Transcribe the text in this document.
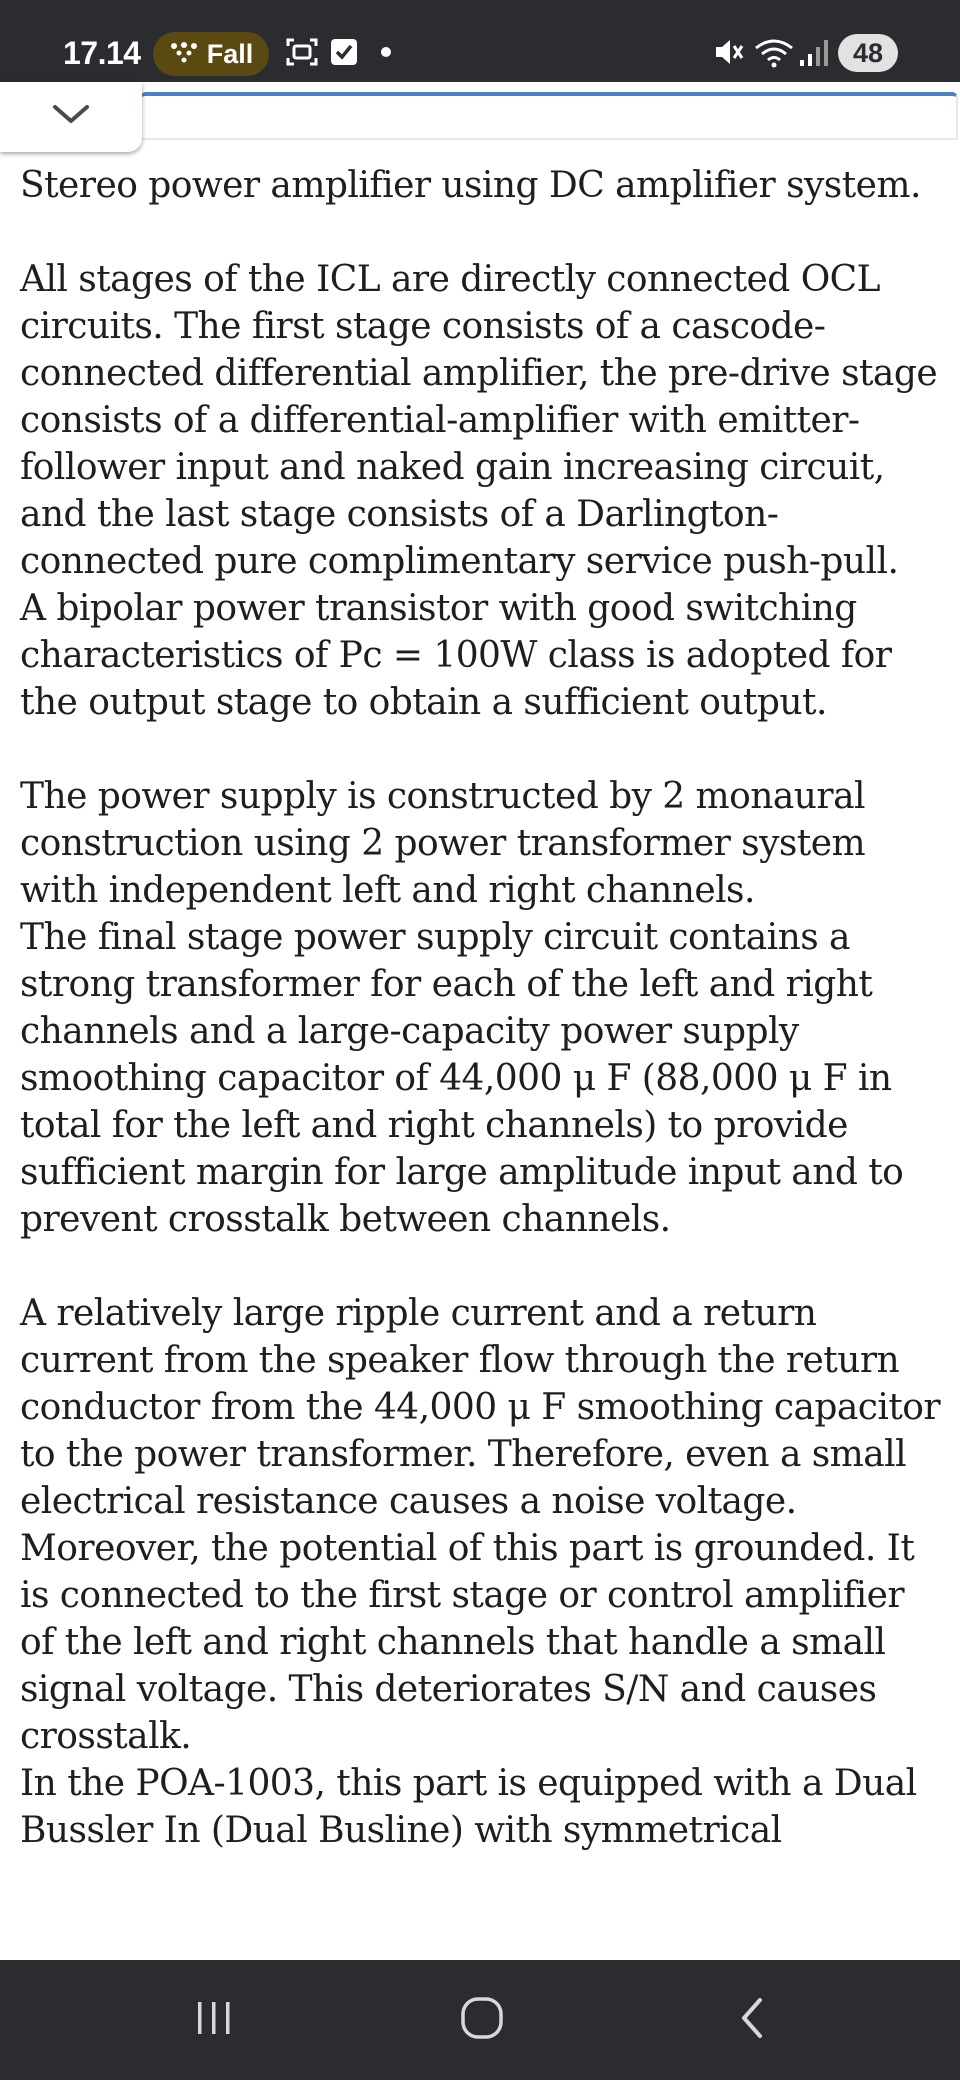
17.14 Fall	48

Stereo power amplifier using DC amplifier system.

All stages of the ICL are directly connected OCL circuits. The first stage consists of a cascode-connected differential amplifier, the pre-drive stage consists of a differential-amplifier with emitter-follower input and naked gain increasing circuit, and the last stage consists of a Darlington-connected pure complimentary service push-pull.

A bipolar power transistor with good switching characteristics of Pc = 100W class is adopted for the output stage to obtain a sufficient output.

The power supply is constructed by 2 monaural construction using 2 power transformer system with independent left and right channels.

The final stage power supply circuit contains a strong transformer for each of the left and right channels and a large-capacity power supply smoothing capacitor of 44,000 μ F (88,000 μ F in total for the left and right channels) to provide sufficient margin for large amplitude input and to prevent crosstalk between channels.

A relatively large ripple current and a return current from the speaker flow through the return conductor from the 44,000 μ F smoothing capacitor to the power transformer. Therefore, even a small electrical resistance causes a noise voltage. Moreover, the potential of this part is grounded. It is connected to the first stage or control amplifier of the left and right channels that handle a small signal voltage. This deteriorates S/N and causes crosstalk.

In the POA-1003, this part is equipped with a Dual Bussler In (Dual Busline) with symmetrical
